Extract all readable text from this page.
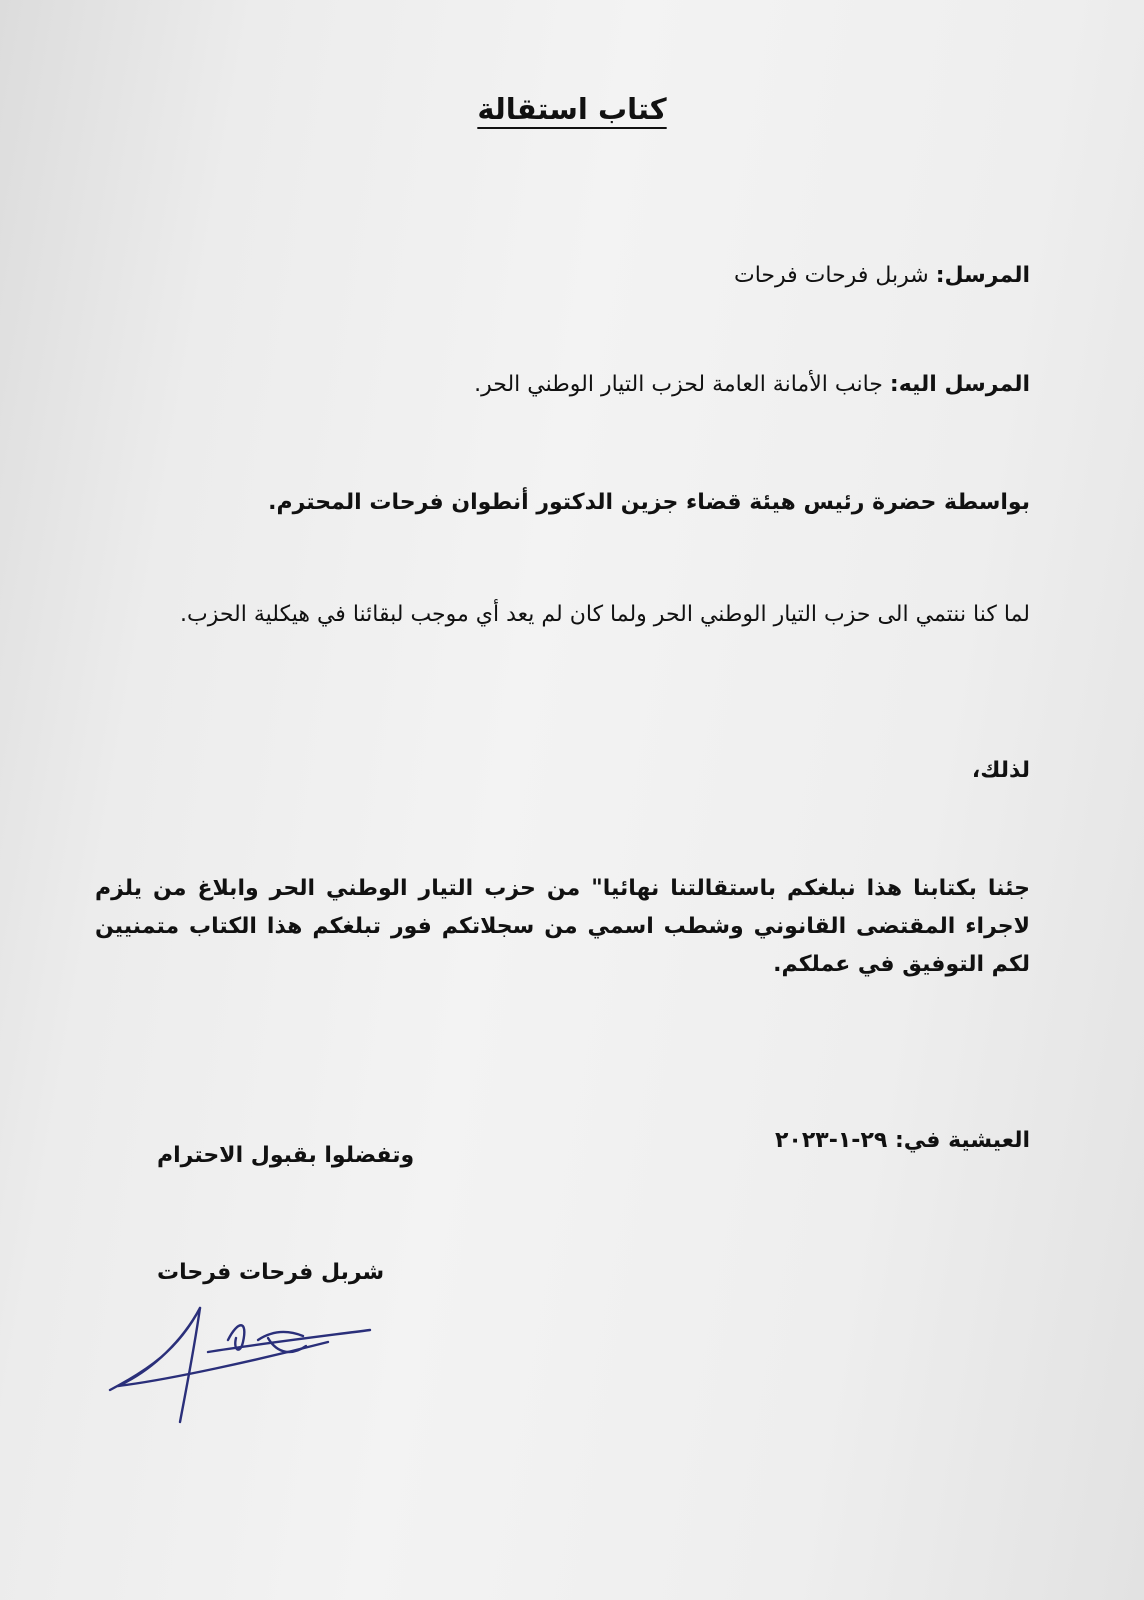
كتاب استقالة
المرسل: شربل فرحات فرحات
المرسل اليه: جانب الأمانة العامة لحزب التيار الوطني الحر.
بواسطة حضرة رئيس هيئة قضاء جزين الدكتور أنطوان فرحات المحترم.
لما كنا ننتمي الى حزب التيار الوطني الحر ولما كان لم يعد أي موجب لبقائنا في هيكلية الحزب.
لذلك،
جئنا بكتابنا هذا نبلغكم باستقالتنا نهائيا" من حزب التيار الوطني الحر وابلاغ من يلزم لاجراء المقتضى القانوني وشطب اسمي من سجلاتكم فور تبلغكم هذا الكتاب متمنيين لكم التوفيق في عملكم.
العيشية في: ٢٩-١-٢٠٢٣
وتفضلوا بقبول الاحترام
شربل فرحات فرحات
